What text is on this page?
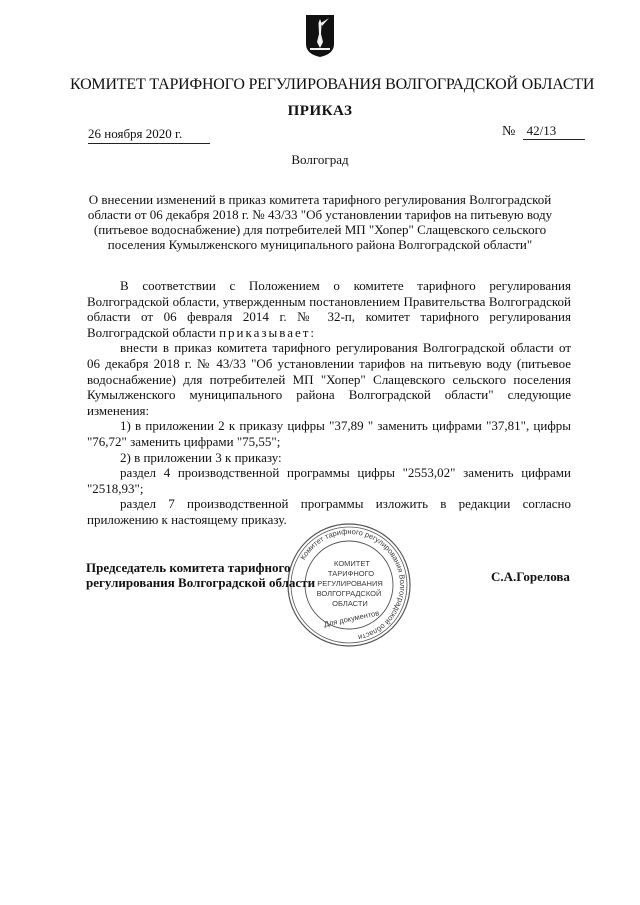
КОМИТЕТ ТАРИФНОГО РЕГУЛИРОВАНИЯ ВОЛГОГРАДСКОЙ ОБЛАСТИ
ПРИКАЗ
26 ноября 2020 г.	№ 42/13
Волгоград
О внесении изменений в приказ комитета тарифного регулирования Волгоградской области от 06 декабря 2018 г. № 43/33 "Об установлении тарифов на питьевую воду (питьевое водоснабжение) для потребителей МП "Хопер" Слащевского сельского поселения Кумылженского муниципального района Волгоградской области"

В соответствии с Положением о комитете тарифного регулирования Волгоградской области, утвержденным постановлением Правительства Волгоградской области от 06 февраля 2014 г. № 32-п, комитет тарифного регулирования Волгоградской области приказывает:

внести в приказ комитета тарифного регулирования Волгоградской области от 06 декабря 2018 г. № 43/33 "Об установлении тарифов на питьевую воду (питьевое водоснабжение) для потребителей МП "Хопер" Слащевского сельского поселения Кумылженского муниципального района Волгоградской области" следующие изменения:

1) в приложении 2 к приказу цифры "37,89 " заменить цифрами "37,81", цифры "76,72" заменить цифрами "75,55";

2) в приложении 3 к приказу:

раздел 4 производственной программы цифры "2553,02" заменить цифрами "2518,93";

раздел 7 производственной программы изложить в редакции согласно приложению к настоящему приказу.

Комитет тарифного регулирования Волгоградской области
КОМИТЕТ
ТАРИФНОГО
РЕГУЛИРОВАНИЯ
ВОЛГОГРАДСКОЙ
ОБЛАСТИ
Для документов
Председатель комитета тарифного
регулирования Волгоградской области	С.А.Горелова
